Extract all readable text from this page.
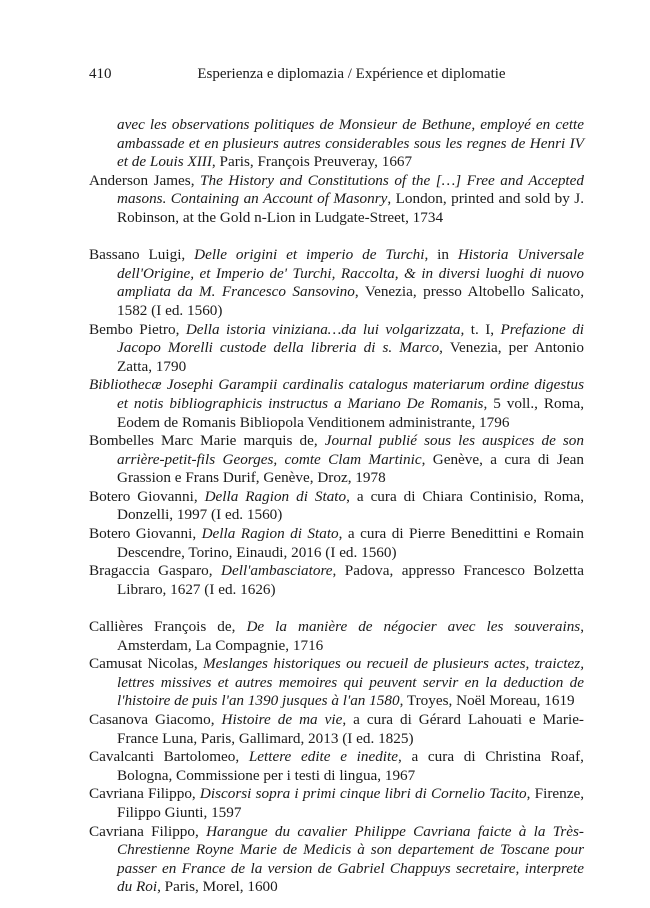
410	Esperienza e diplomazia / Expérience et diplomatie

avec les observations politiques de Monsieur de Bethune, employé en cette ambassade et en plusieurs autres considerables sous les regnes de Henri IV et de Louis XIII, Paris, François Preuveray, 1667

Anderson James, The History and Constitutions of the […] Free and Accepted masons. Containing an Account of Masonry, London, printed and sold by J. Robinson, at the Gold n-Lion in Ludgate-Street, 1734

Bassano Luigi, Delle origini et imperio de Turchi, in Historia Universale dell'Origine, et Imperio de' Turchi, Raccolta, & in diversi luoghi di nuovo ampliata da M. Francesco Sansovino, Venezia, presso Altobello Salicato, 1582 (I ed. 1560)

Bembo Pietro, Della istoria viniziana…da lui volgarizzata, t. I, Prefazione di Jacopo Morelli custode della libreria di s. Marco, Venezia, per Antonio Zatta, 1790

Bibliothecæ Josephi Garampii cardinalis catalogus materiarum ordine digestus et notis bibliographicis instructus a Mariano De Romanis, 5 voll., Roma, Eodem de Romanis Bibliopola Venditionem administrante, 1796

Bombelles Marc Marie marquis de, Journal publié sous les auspices de son arrière-petit-fils Georges, comte Clam Martinic, Genève, a cura di Jean Grassion e Frans Durif, Genève, Droz, 1978

Botero Giovanni, Della Ragion di Stato, a cura di Chiara Continisio, Roma, Donzelli, 1997 (I ed. 1560)

Botero Giovanni, Della Ragion di Stato, a cura di Pierre Benedittini e Romain Descendre, Torino, Einaudi, 2016 (I ed. 1560)

Bragaccia Gasparo, Dell'ambasciatore, Padova, appresso Francesco Bolzetta Libraro, 1627 (I ed. 1626)

Callières François de, De la manière de négocier avec les souverains, Amsterdam, La Compagnie, 1716

Camusat Nicolas, Meslanges historiques ou recueil de plusieurs actes, traictez, lettres missives et autres memoires qui peuvent servir en la deduction de l'histoire de puis l'an 1390 jusques à l'an 1580, Troyes, Noël Moreau, 1619

Casanova Giacomo, Histoire de ma vie, a cura di Gérard Lahouati e Marie-France Luna, Paris, Gallimard, 2013 (I ed. 1825)

Cavalcanti Bartolomeo, Lettere edite e inedite, a cura di Christina Roaf, Bologna, Commissione per i testi di lingua, 1967

Cavriana Filippo, Discorsi sopra i primi cinque libri di Cornelio Tacito, Firenze, Filippo Giunti, 1597

Cavriana Filippo, Harangue du cavalier Philippe Cavriana faicte à la Très-Chrestienne Royne Marie de Medicis à son departement de Toscane pour passer en France de la version de Gabriel Chappuys secretaire, interprete du Roi, Paris, Morel, 1600
